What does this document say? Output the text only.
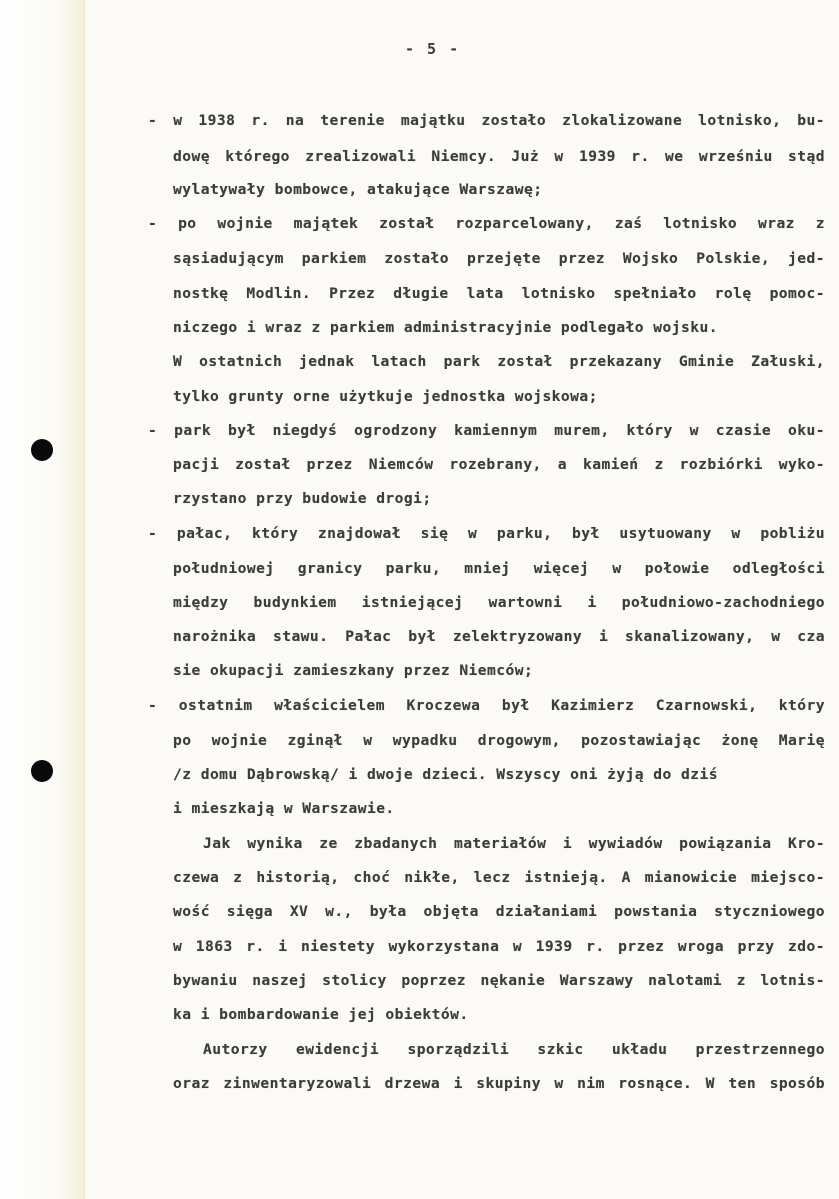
- 5 -
- w 1938 r. na terenie majątku zostało zlokalizowane lotnisko, bu-
dowę którego zrealizowali Niemcy. Już w 1939 r. we wrześniu stąd
wylatywały bombowce, atakujące Warszawę;
- po wojnie majątek został rozparcelowany, zaś lotnisko wraz z
sąsiadującym parkiem zostało przejęte przez Wojsko Polskie, jed-
nostkę Modlin. Przez długie lata lotnisko spełniało rolę pomoc-
niczego i wraz z parkiem administracyjnie podlegało wojsku.
W ostatnich jednak latach park został przekazany Gminie Załuski,
tylko grunty orne użytkuje jednostka wojskowa;
- park był niegdyś ogrodzony kamiennym murem, który w czasie oku-
pacji został przez Niemców rozebrany, a kamień z rozbiórki wyko-
rzystano przy budowie drogi;
- pałac, który znajdował się w parku, był usytuowany w pobliżu
południowej granicy parku, mniej więcej w połowie odległości
między budynkiem istniejącej wartowni i południowo-zachodniego
narożnika stawu. Pałac był zelektryzowany i skanalizowany, w cza
sie okupacji zamieszkany przez Niemców;
- ostatnim właścicielem Kroczewa był Kazimierz Czarnowski, który
po wojnie zginął w wypadku drogowym, pozostawiając żonę Marię
/z domu Dąbrowską/ i dwoje dzieci. Wszyscy oni żyją do dziś
i mieszkają w Warszawie.
Jak wynika ze zbadanych materiałów i wywiadów powiązania Kro-
czewa z historią, choć nikłe, lecz istnieją. A mianowicie miejsco-
wość sięga XV w., była objęta działaniami powstania styczniowego
w 1863 r. i niestety wykorzystana w 1939 r. przez wroga przy zdo-
bywaniu naszej stolicy poprzez nękanie Warszawy nalotami z lotnis-
ka i bombardowanie jej obiektów.
Autorzy ewidencji sporządzili szkic układu przestrzennego
oraz zinwentaryzowali drzewa i skupiny w nim rosnące. W ten sposób
